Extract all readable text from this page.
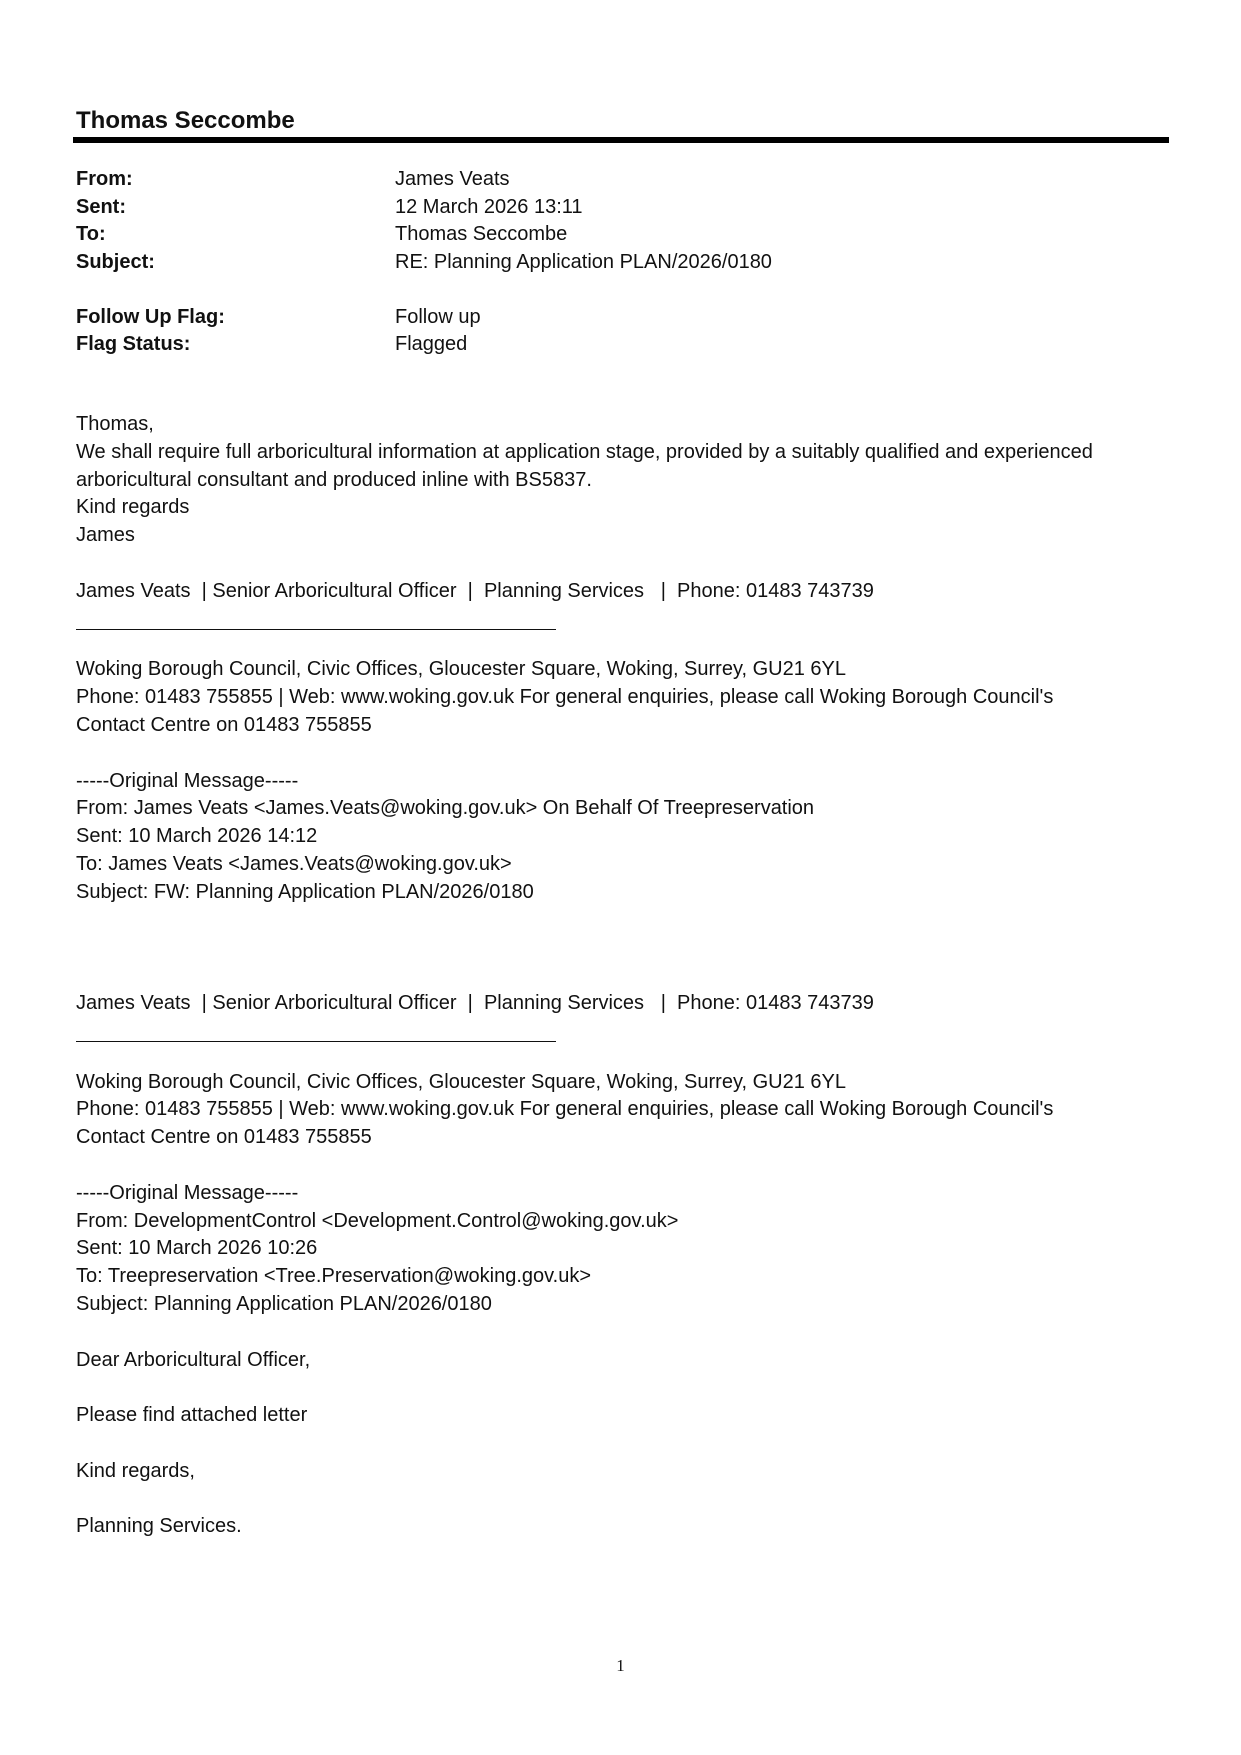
Thomas Seccombe
From:	James Veats
Sent:	12 March 2026 13:11
To:	Thomas Seccombe
Subject:	RE: Planning Application PLAN/2026/0180
Follow Up Flag:	Follow up
Flag Status:	Flagged
Thomas,
We shall require full arboricultural information at application stage, provided by a suitably qualified and experienced
arboricultural consultant and produced inline with BS5837.
Kind regards
James
James Veats  | Senior Arboricultural Officer  |  Planning Services   |  Phone: 01483 743739
Woking Borough Council, Civic Offices, Gloucester Square, Woking, Surrey, GU21 6YL
Phone: 01483 755855 | Web: www.woking.gov.uk For general enquiries, please call Woking Borough Council's
Contact Centre on 01483 755855
-----Original Message-----
From: James Veats <James.Veats@woking.gov.uk> On Behalf Of Treepreservation
Sent: 10 March 2026 14:12
To: James Veats <James.Veats@woking.gov.uk>
Subject: FW: Planning Application PLAN/2026/0180
James Veats  | Senior Arboricultural Officer  |  Planning Services   |  Phone: 01483 743739
Woking Borough Council, Civic Offices, Gloucester Square, Woking, Surrey, GU21 6YL
Phone: 01483 755855 | Web: www.woking.gov.uk For general enquiries, please call Woking Borough Council's
Contact Centre on 01483 755855
-----Original Message-----
From: DevelopmentControl <Development.Control@woking.gov.uk>
Sent: 10 March 2026 10:26
To: Treepreservation <Tree.Preservation@woking.gov.uk>
Subject: Planning Application PLAN/2026/0180
Dear Arboricultural Officer,
Please find attached letter
Kind regards,
Planning Services.
1
